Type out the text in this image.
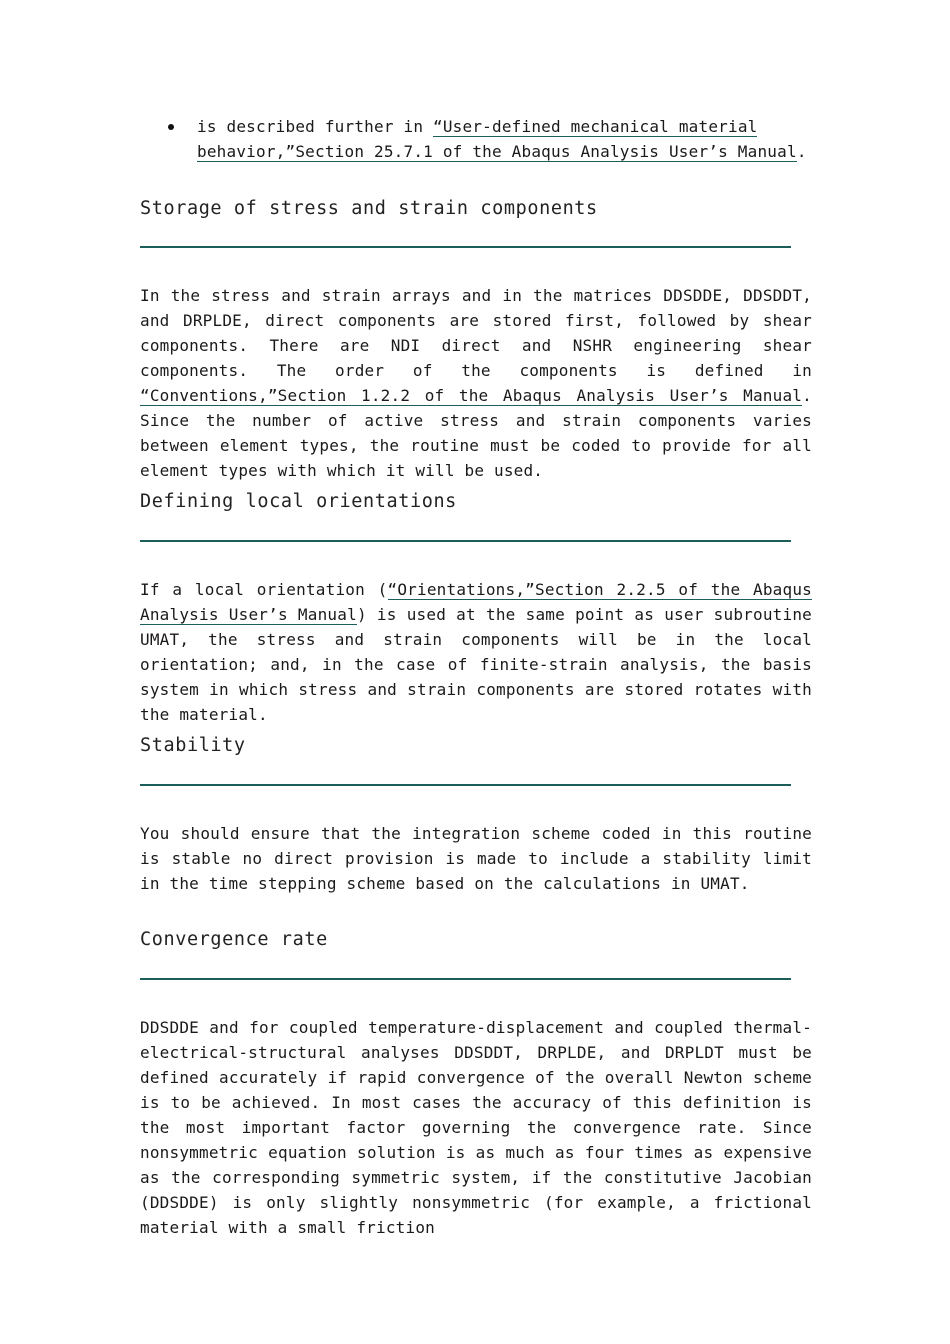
is described further in “User-defined mechanical material behavior,”Section 25.7.1 of the Abaqus Analysis User’s Manual.
Storage of stress and strain components
In the stress and strain arrays and in the matrices DDSDDE, DDSDDT, and DRPLDE, direct components are stored first, followed by shear components. There are NDI direct and NSHR engineering shear components. The order of the components is defined in “Conventions,”Section 1.2.2 of the Abaqus Analysis User’s Manual. Since the number of active stress and strain components varies between element types, the routine must be coded to provide for all element types with which it will be used.
Defining local orientations
If a local orientation (“Orientations,”Section 2.2.5 of the Abaqus Analysis User’s Manual) is used at the same point as user subroutine UMAT, the stress and strain components will be in the local orientation; and, in the case of finite-strain analysis, the basis system in which stress and strain components are stored rotates with the material.
Stability
You should ensure that the integration scheme coded in this routine is stable no direct provision is made to include a stability limit in the time stepping scheme based on the calculations in UMAT.
Convergence rate
DDSDDE and for coupled temperature-displacement and coupled thermal-electrical-structural analyses DDSDDT, DRPLDE, and DRPLDT must be defined accurately if rapid convergence of the overall Newton scheme is to be achieved. In most cases the accuracy of this definition is the most important factor governing the convergence rate. Since nonsymmetric equation solution is as much as four times as expensive as the corresponding symmetric system, if the constitutive Jacobian (DDSDDE) is only slightly nonsymmetric (for example, a frictional material with a small friction
